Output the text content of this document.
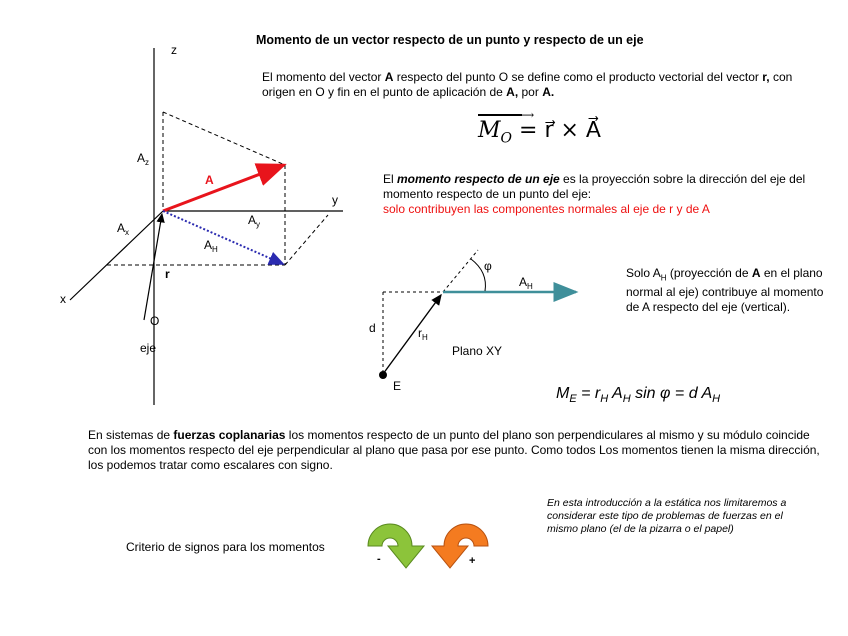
Momento de un vector respecto de un punto y respecto de un eje
El momento del vector A respecto del punto O se define como el producto vectorial del vector r, con origen en O y fin en el punto de aplicación de A, por A.
⟶
$M_O$ = r⃗ × A⃗
El momento respecto de un eje es la proyección sobre la dirección del eje del momento respecto de un punto del eje:
solo contribuyen las componentes normales al eje de r y de A
Solo $A_H$ (proyección de A en el plano normal al eje) contribuye al momento de A respecto del eje (vertical).
$M_E = r_H$ $A_H$ sin φ = d $A_H$
En sistemas de fuerzas coplanarias los momentos respecto de un punto del plano son perpendiculares al mismo y su módulo coincide con los momentos respecto del eje perpendicular al plano que pasa por ese punto. Como todos Los momentos tienen la misma dirección, los podemos tratar como escalares con signo.
En esta introducción a la estática nos limitaremos a considerar este tipo de problemas de fuerzas en el mismo plano (el de la pizarra o el papel)
Criterio de signos para los momentos
z
y
x
$A_z$
A
$A_y$
$A_x$
$A_H$
r
O
eje
φ
$A_H$
d	$r_H$
Plano XY
E
-	+
